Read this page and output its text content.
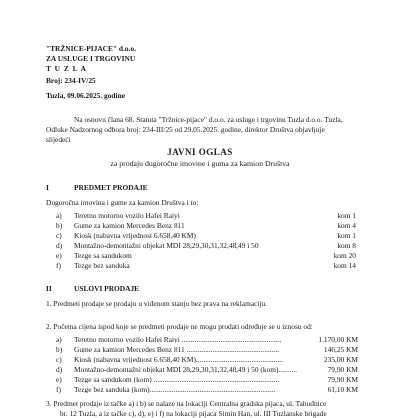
"TRŽNICE-PIJACE" d.o.o.
ZA USLUGE I TRGOVINU
T U Z L A
Broj: 234-IV/25
Tuzla, 09.06.2025. godine
Na osnovu člana 68. Statuta "Tržnice-pijace" d.o.o. za usluge i trgovinu Tuzla d.o.o. Tuzla,
Odluke Nadzornog odbora broj: 234-III/25 od 29.05.2025. godine, direktor Društva objavljuje
slijedeći
JAVNI OGLAS
za prodaju dugoročne imovine i guma za kamion Društva
I	PREDMET PRODAJE
Dugoročna imovina i gume za kamion Društva i to:
a) Teretno motorno vozilo Hafei Raiyi	kom 1
b) Gume za kamion Mercedes Benz 811	kom 4
c) Kiosk (nabavna vrijednost 6.658,40 KM)	kom 1
d) Montažno-demontažni objekat MDI 28,29,30,31,32,48,49 i 50	kom 8
e) Tezge sa sandukom	kom 20
f) Tezge bez sanduka	kom 14
II	USLOVI PRODAJE
1. Predmeti prodaje se prodaju u viđenom stanju bez prava na reklamaciju.
2. Početna cijena ispod koje se predmeti prodaje ne mogu prodati određuje se u iznosu od:
a) Teretno motorno vozilo Hafei Raiyi ......................................................	1.170,00 KM
b) Gume za kamion Mercedes Benz 811 ..................................................	146,25 KM
c) Kiosk (nabavna vrijednost 6.658,40 KM)...............................................	235,00 KM
d) Montažno-demontažni objekat MDI 28,29,30,31,32,48,49 i 50 (kom)..........	79,90 KM
e) Tezge sa sandukom (kom) ....................................................................	79,90 KM
f) Tezge bez sanduka (kom)....................................................................	61,10 KM
3. Predmet prodaje iz tačke a) i b) se nalaze na lokaciji Centralna gradska pijaca, ul. Tahuđnice
br. 12 Tuzla, a iz tačke c), d), e) i f) na lokaciji pijaca Simin Han, ul. III Tuzlanske brigade
